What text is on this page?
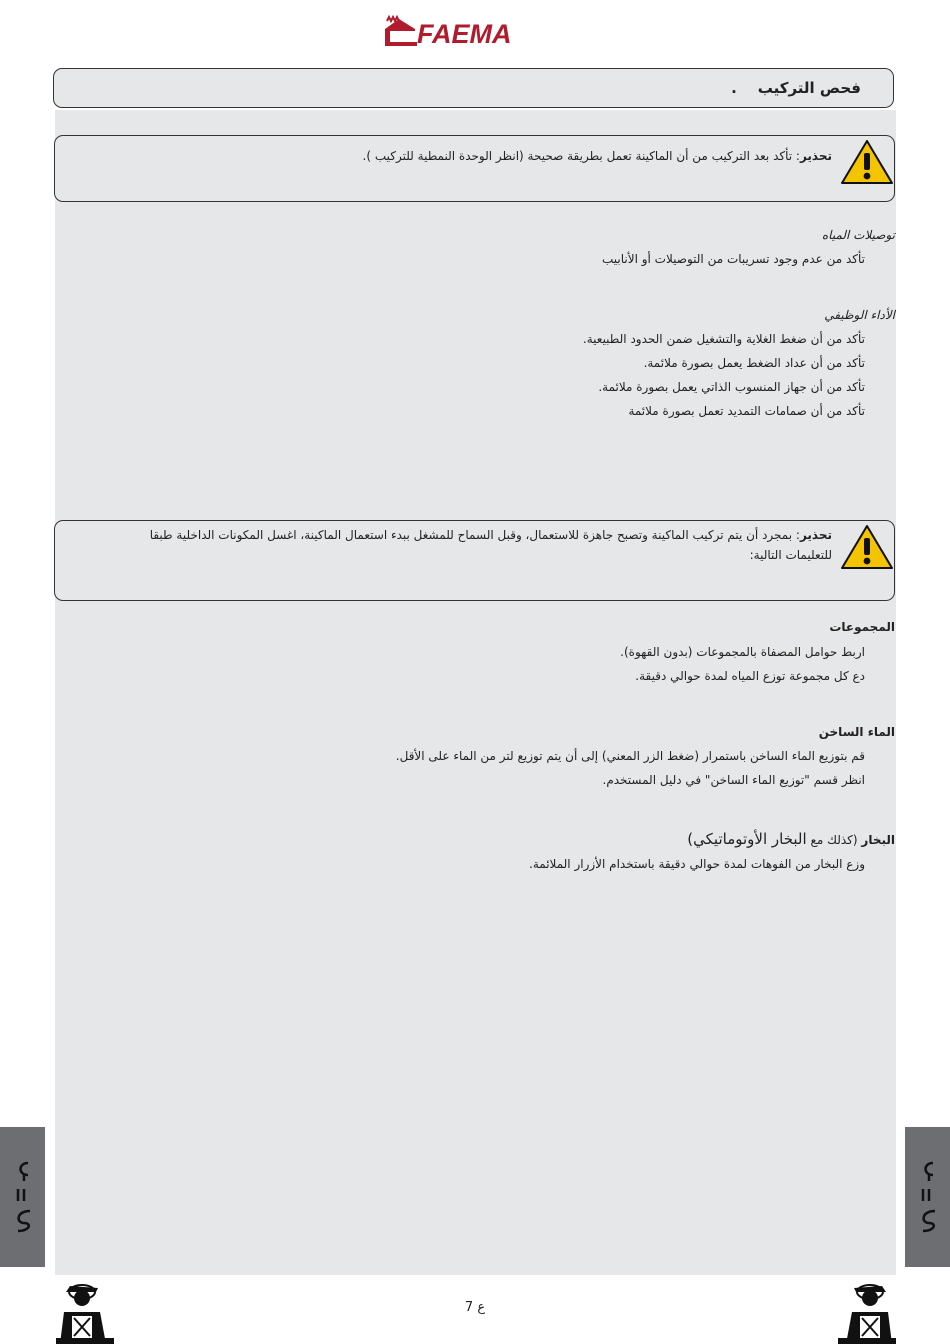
FAEMA
فحص التركيب    .
تحذير: تأكد بعد التركيب من أن الماكينة تعمل بطريقة صحيحة (انظر الوحدة النمطية للتركيب ).
توصيلات المياه
تأكد من عدم وجود تسريبات من التوصيلات أو الأنابيب
الأداء الوظيفي
تأكد من أن ضغط الغلاية والتشغيل ضمن الحدود الطبيعية.
تأكد من أن عداد الضغط يعمل بصورة ملائمة.
تأكد من أن جهاز المنسوب الذاتي يعمل بصورة ملائمة.
تأكد من أن صمامات التمديد تعمل بصورة ملائمة
تحذير: بمجرد أن يتم تركيب الماكينة وتصبح جاهزة للاستعمال، وقبل السماح للمشغل ببدء استعمال الماكينة، اغسل المكونات الداخلية طبقا للتعليمات التالية:
المجموعات
اربط حوامل المصفاة بالمجموعات (بدون القهوة).
دع كل مجموعة توزع المياه لمدة حوالي دقيقة.
الماء الساخن
قم بتوزيع الماء الساخن باستمرار (ضغط الزر المعني) إلى أن يتم توزيع لتر من الماء على الأقل.
انظر قسم "توزيع الماء الساخن" في دليل المستخدم.
البخار (كذلك مع البخار الأوتوماتيكي)
وزع البخار من الفوهات لمدة حوالي دقيقة باستخدام الأزرار الملائمة.
ع 7
